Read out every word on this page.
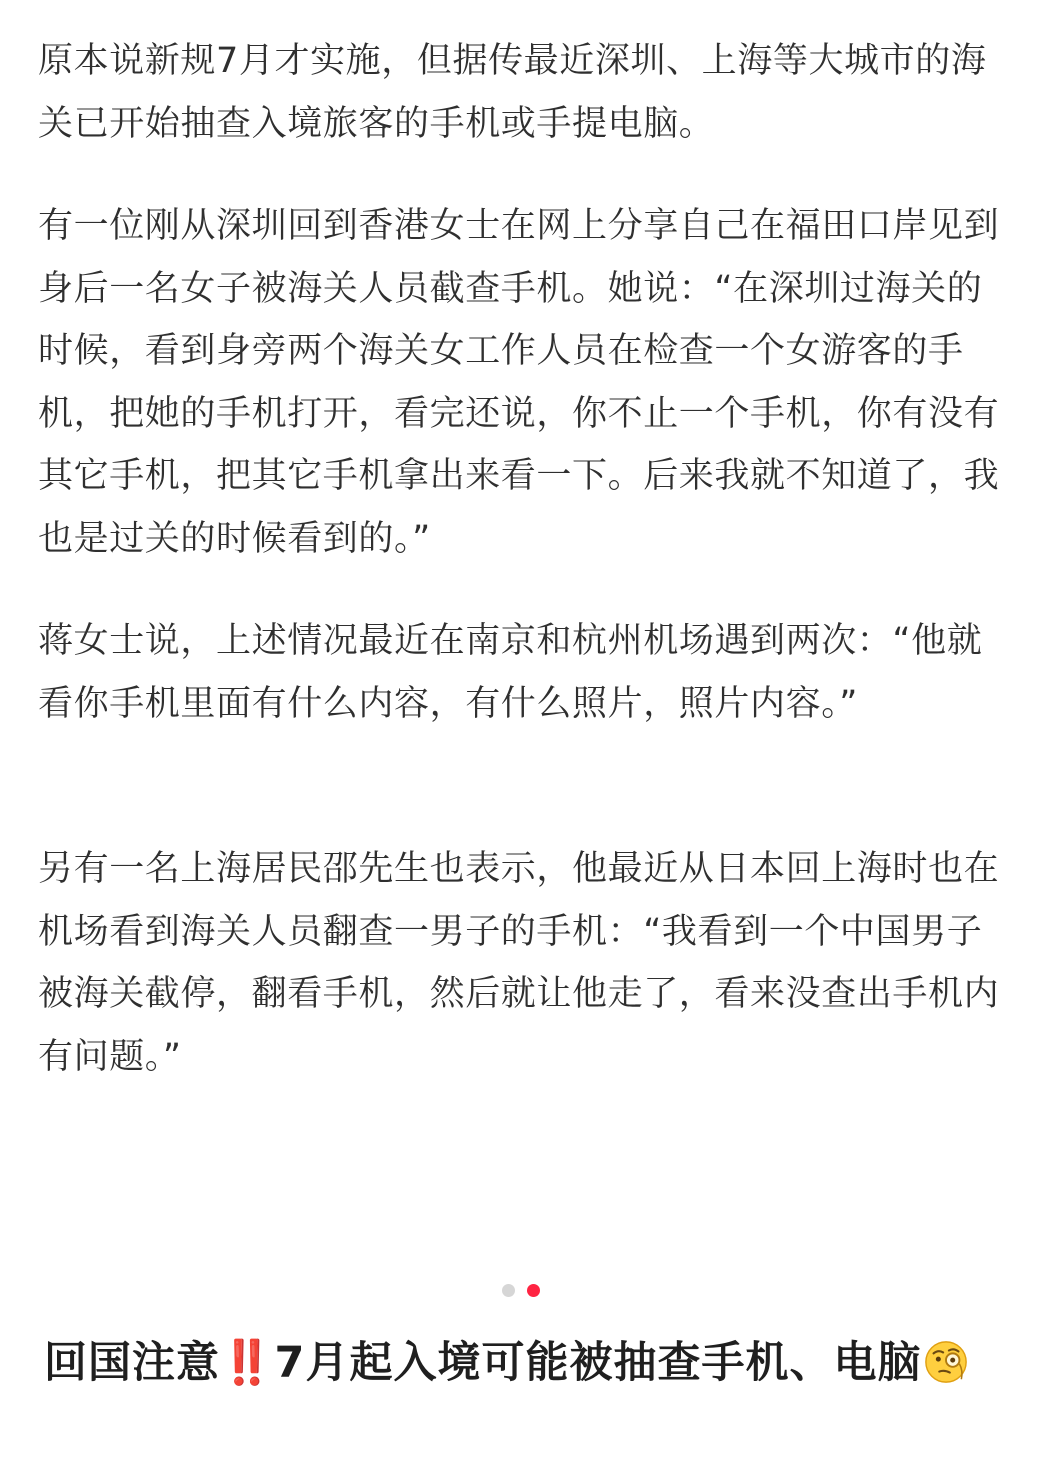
原本说新规7月才实施，但据传最近深圳、上海等大城市的海关已开始抽查入境旅客的手机或手提电脑。

有一位刚从深圳回到香港女士在网上分享自己在福田口岸见到身后一名女子被海关人员截查手机。她说：“在深圳过海关的时候，看到身旁两个海关女工作人员在检查一个女游客的手机，把她的手机打开，看完还说，你不止一个手机，你有没有其它手机，把其它手机拿出来看一下。后来我就不知道了，我也是过关的时候看到的。”

蒋女士说，上述情况最近在南京和杭州机场遇到两次：“他就看你手机里面有什么内容，有什么照片，照片内容。”

另有一名上海居民邵先生也表示，他最近从日本回上海时也在机场看到海关人员翻查一男子的手机：“我看到一个中国男子被海关截停，翻看手机，然后就让他走了，看来没查出手机内有问题。”

回国注意‼️7月起入境可能被抽查手机、电脑
